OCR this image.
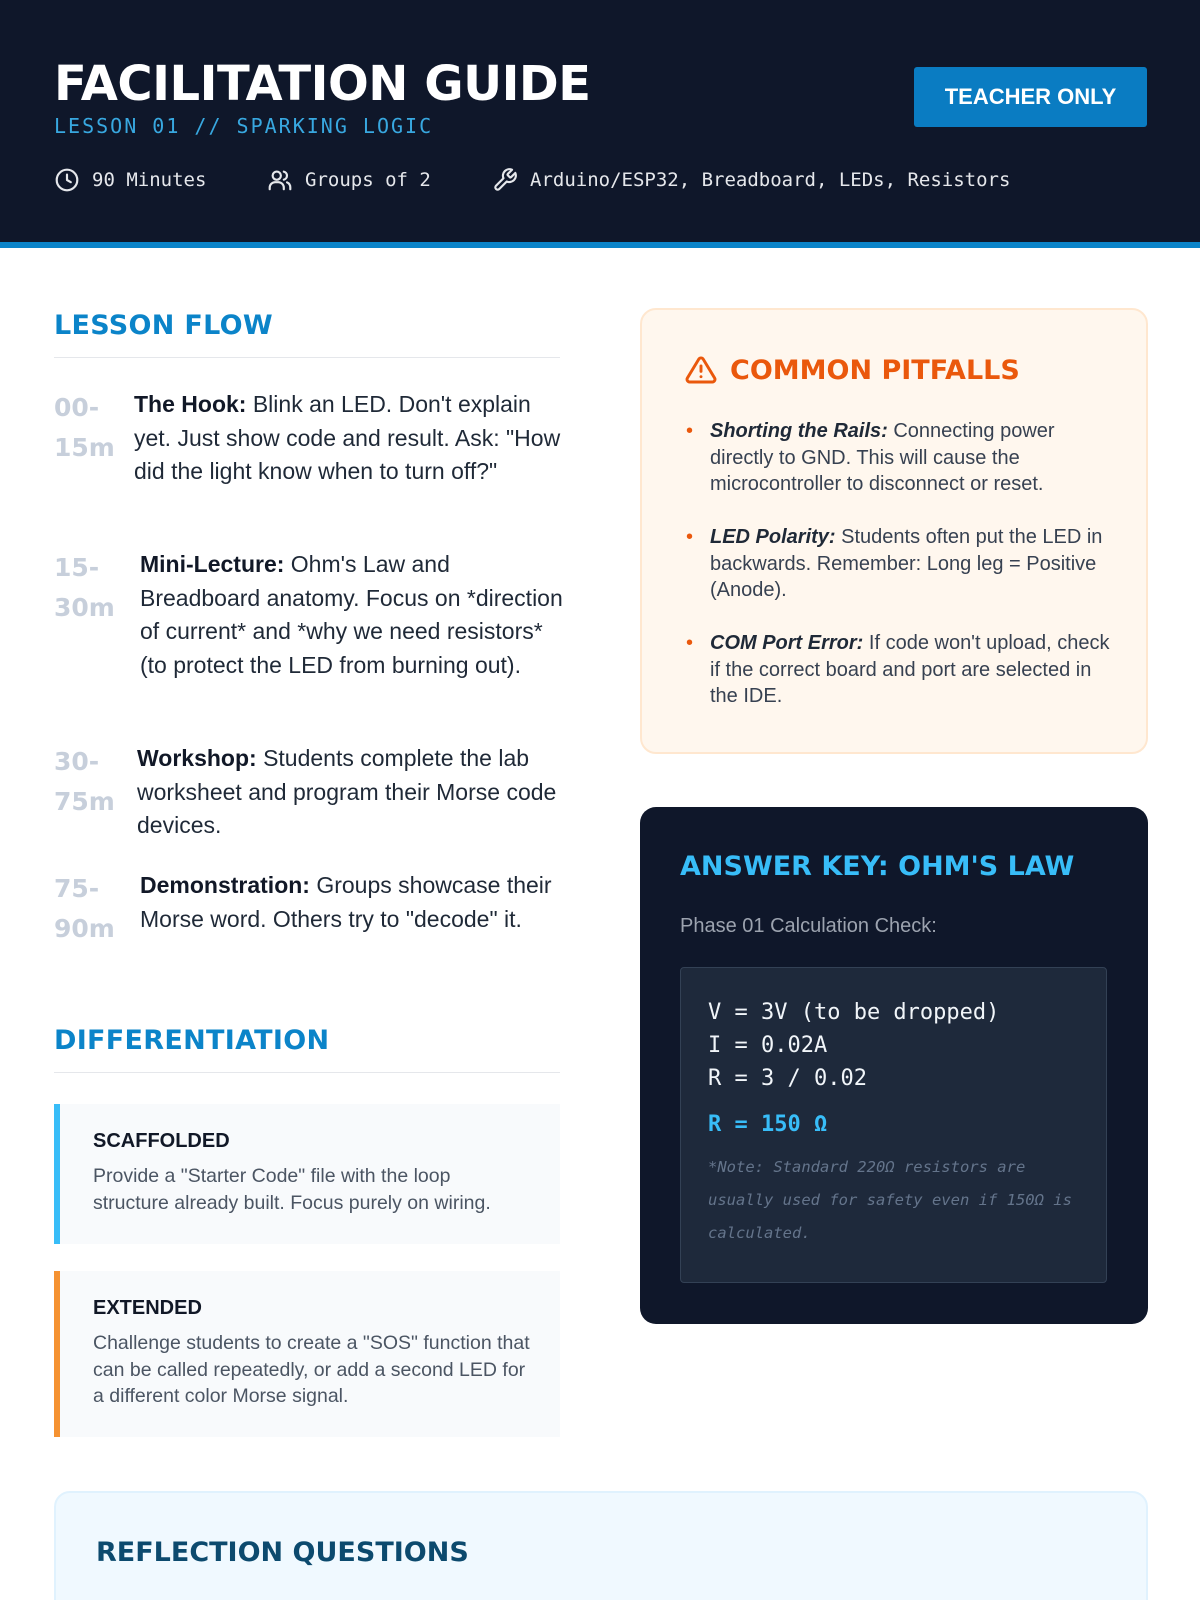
FACILITATION GUIDE
LESSON 01 // SPARKING LOGIC
TEACHER ONLY
90 Minutes	Groups of 2	Arduino/ESP32, Breadboard, LEDs, Resistors
LESSON FLOW
00-
15m
The Hook: Blink an LED. Don't explain yet. Just show code and result. Ask: "How did the light know when to turn off?"
15-
30m
Mini-Lecture: Ohm's Law and Breadboard anatomy. Focus on *direction of current* and *why we need resistors* (to protect the LED from burning out).
30-
75m
Workshop: Students complete the lab worksheet and program their Morse code devices.
75-
90m
Demonstration: Groups showcase their Morse word. Others try to "decode" it.
DIFFERENTIATION
SCAFFOLDED
Provide a "Starter Code" file with the loop structure already built. Focus purely on wiring.
EXTENDED
Challenge students to create a "SOS" function that can be called repeatedly, or add a second LED for a different color Morse signal.
COMMON PITFALLS
• Shorting the Rails: Connecting power directly to GND. This will cause the microcontroller to disconnect or reset.
• LED Polarity: Students often put the LED in backwards. Remember: Long leg = Positive (Anode).
• COM Port Error: If code won't upload, check if the correct board and port are selected in the IDE.
ANSWER KEY: OHM'S LAW
Phase 01 Calculation Check:
V = 3V (to be dropped)
I = 0.02A
R = 3 / 0.02
R = 150 Ω
*Note: Standard 220Ω resistors are usually used for safety even if 150Ω is calculated.
REFLECTION QUESTIONS
